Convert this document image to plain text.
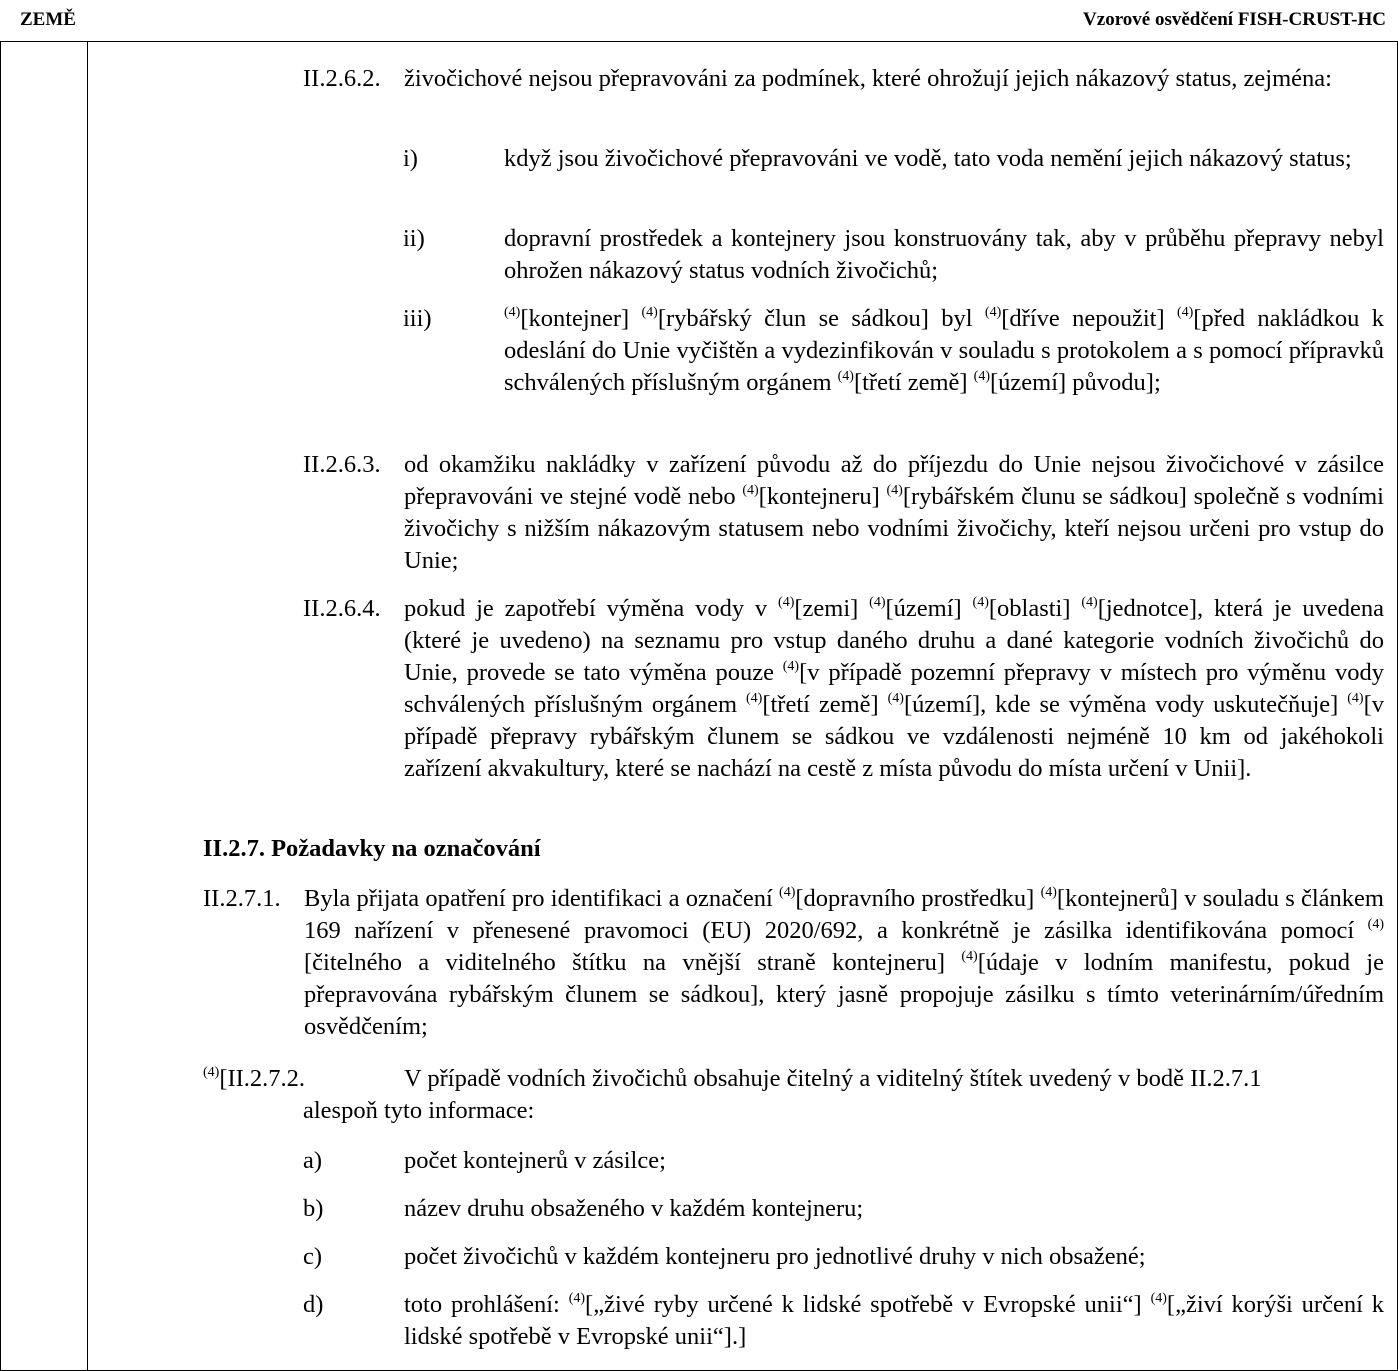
ZEMĚ	Vzorové osvědčení FISH-CRUST-HC
II.2.6.2. živočichové nejsou přepravováni za podmínek, které ohrožují jejich nákazový status, zejména:
i)	když jsou živočichové přepravováni ve vodě, tato voda nemění jejich nákazový status;
ii)	dopravní prostředek a kontejnery jsou konstruovány tak, aby v průběhu přepravy nebyl ohrožen nákazový status vodních živočichů;
iii)	$^{(4)}$[kontejner] $^{(4)}$[rybářský člun se sádkou] byl $^{(4)}$[dříve nepoužit] $^{(4)}$[před nakládkou k odeslání do Unie vyčištěn a vydezinfikován v souladu s protokolem a s pomocí přípravků schválených příslušným orgánem $^{(4)}$[třetí země] $^{(4)}$[území] původu];
II.2.6.3. od okamžiku nakládky v zařízení původu až do příjezdu do Unie nejsou živočichové v zásilce přepravováni ve stejné vodě nebo $^{(4)}$[kontejneru] $^{(4)}$[rybářském člunu se sádkou] společně s vodními živočichy s nižším nákazovým statusem nebo vodními živočichy, kteří nejsou určeni pro vstup do Unie;
II.2.6.4. pokud je zapotřebí výměna vody v $^{(4)}$[zemi] $^{(4)}$[území] $^{(4)}$[oblasti] $^{(4)}$[jednotce], která je uvedena (které je uvedeno) na seznamu pro vstup daného druhu a dané kategorie vodních živočichů do Unie, provede se tato výměna pouze $^{(4)}$[v případě pozemní přepravy v místech pro výměnu vody schválených příslušným orgánem $^{(4)}$[třetí země] $^{(4)}$[území], kde se výměna vody uskutečňuje] $^{(4)}$[v případě přepravy rybářským člunem se sádkou ve vzdálenosti nejméně 10 km od jakéhokoli zařízení akvakultury, které se nachází na cestě z místa původu do místa určení v Unii].
II.2.7. Požadavky na označování
II.2.7.1. Byla přijata opatření pro identifikaci a označení $^{(4)}$[dopravního prostředku] $^{(4)}$[kontejnerů] v souladu s článkem 169 nařízení v přenesené pravomoci (EU) 2020/692, a konkrétně je zásilka identifikována pomocí $^{(4)}$[čitelného a viditelného štítku na vnější straně kontejneru] $^{(4)}$[údaje v lodním manifestu, pokud je přepravována rybářským člunem se sádkou], který jasně propojuje zásilku s tímto veterinárním/úředním osvědčením;
$^{(4)}$[II.2.7.2.	V případě vodních živočichů obsahuje čitelný a viditelný štítek uvedený v bodě II.2.7.1
alespoň tyto informace:
a)	počet kontejnerů v zásilce;
b)	název druhu obsaženého v každém kontejneru;
c)	počet živočichů v každém kontejneru pro jednotlivé druhy v nich obsažené;
d)	toto prohlášení: $^{(4)}$[„živé ryby určené k lidské spotřebě v Evropské unii“] $^{(4)}$[„živí korýši určení k lidské spotřebě v Evropské unii“].]
